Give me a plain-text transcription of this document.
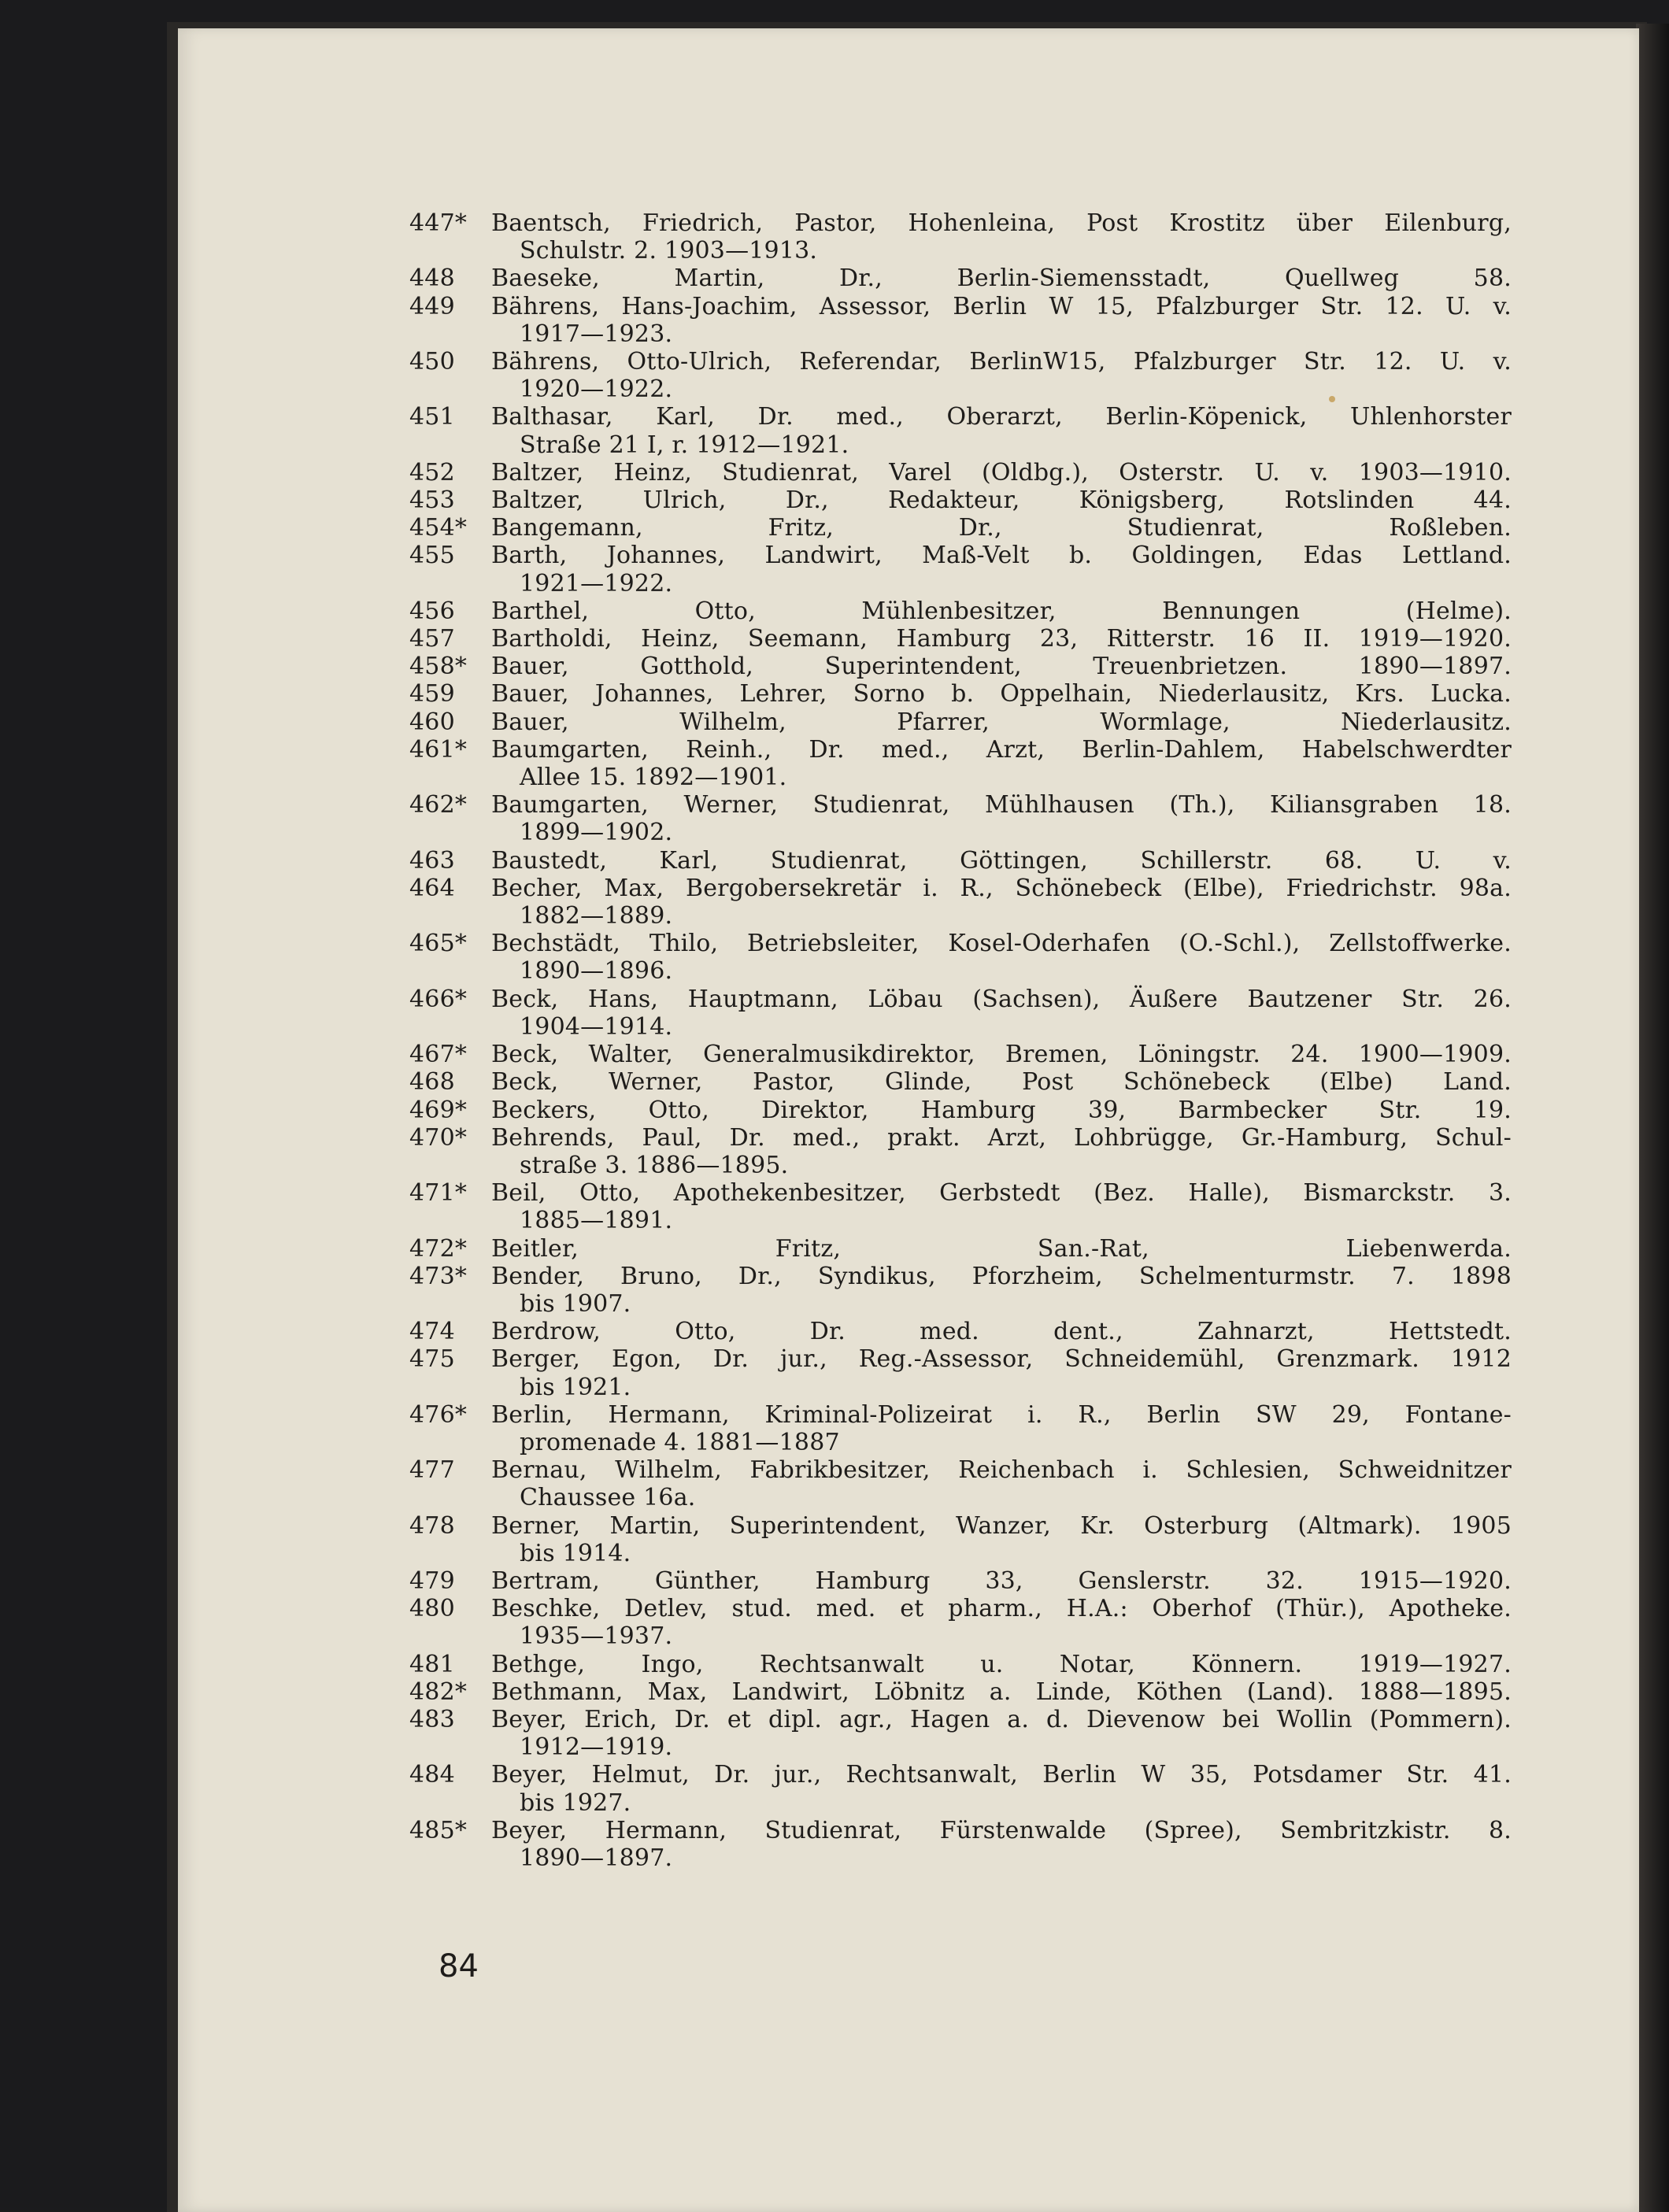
447*	Baentsch, Friedrich, Pastor, Hohenleina, Post Krostitz über Eilenburg,
Schulstr. 2. 1903—1913.
448	Baeseke, Martin, Dr., Berlin-Siemensstadt, Quellweg 58.
449	Bährens, Hans-Joachim, Assessor, Berlin W 15, Pfalzburger Str. 12. U. v.
1917—1923.
450	Bährens, Otto-Ulrich, Referendar, BerlinW15, Pfalzburger Str. 12. U. v.
1920—1922.
451	Balthasar, Karl, Dr. med., Oberarzt, Berlin-Köpenick, Uhlenhorster
Straße 21 I, r. 1912—1921.
452	Baltzer, Heinz, Studienrat, Varel (Oldbg.), Osterstr. U. v. 1903—1910.
453	Baltzer, Ulrich, Dr., Redakteur, Königsberg, Rotslinden 44.
454*	Bangemann, Fritz, Dr., Studienrat, Roßleben.
455	Barth, Johannes, Landwirt, Maß-Velt b. Goldingen, Edas Lettland.
1921—1922.
456	Barthel, Otto, Mühlenbesitzer, Bennungen (Helme).
457	Bartholdi, Heinz, Seemann, Hamburg 23, Ritterstr. 16 II. 1919—1920.
458*	Bauer, Gotthold, Superintendent, Treuenbrietzen. 1890—1897.
459	Bauer, Johannes, Lehrer, Sorno b. Oppelhain, Niederlausitz, Krs. Lucka.
460	Bauer, Wilhelm, Pfarrer, Wormlage, Niederlausitz.
461*	Baumgarten, Reinh., Dr. med., Arzt, Berlin-Dahlem, Habelschwerdter
Allee 15. 1892—1901.
462*	Baumgarten, Werner, Studienrat, Mühlhausen (Th.), Kiliansgraben 18.
1899—1902.
463	Baustedt, Karl, Studienrat, Göttingen, Schillerstr. 68. U. v.
464	Becher, Max, Bergobersekretär i. R., Schönebeck (Elbe), Friedrichstr. 98a.
1882—1889.
465*	Bechstädt, Thilo, Betriebsleiter, Kosel-Oderhafen (O.-Schl.), Zellstoffwerke.
1890—1896.
466*	Beck, Hans, Hauptmann, Löbau (Sachsen), Äußere Bautzener Str. 26.
1904—1914.
467*	Beck, Walter, Generalmusikdirektor, Bremen, Löningstr. 24. 1900—1909.
468	Beck, Werner, Pastor, Glinde, Post Schönebeck (Elbe) Land.
469*	Beckers, Otto, Direktor, Hamburg 39, Barmbecker Str. 19.
470*	Behrends, Paul, Dr. med., prakt. Arzt, Lohbrügge, Gr.-Hamburg, Schul-
straße 3. 1886—1895.
471*	Beil, Otto, Apothekenbesitzer, Gerbstedt (Bez. Halle), Bismarckstr. 3.
1885—1891.
472*	Beitler, Fritz, San.-Rat, Liebenwerda.
473*	Bender, Bruno, Dr., Syndikus, Pforzheim, Schelmenturmstr. 7. 1898
bis 1907.
474	Berdrow, Otto, Dr. med. dent., Zahnarzt, Hettstedt.
475	Berger, Egon, Dr. jur., Reg.-Assessor, Schneidemühl, Grenzmark. 1912
bis 1921.
476*	Berlin, Hermann, Kriminal-Polizeirat i. R., Berlin SW 29, Fontane-
promenade 4. 1881—1887
477	Bernau, Wilhelm, Fabrikbesitzer, Reichenbach i. Schlesien, Schweidnitzer
Chaussee 16a.
478	Berner, Martin, Superintendent, Wanzer, Kr. Osterburg (Altmark). 1905
bis 1914.
479	Bertram, Günther, Hamburg 33, Genslerstr. 32. 1915—1920.
480	Beschke, Detlev, stud. med. et pharm., H.A.: Oberhof (Thür.), Apotheke.
1935—1937.
481	Bethge, Ingo, Rechtsanwalt u. Notar, Könnern. 1919—1927.
482*	Bethmann, Max, Landwirt, Löbnitz a. Linde, Köthen (Land). 1888—1895.
483	Beyer, Erich, Dr. et dipl. agr., Hagen a. d. Dievenow bei Wollin (Pommern).
1912—1919.
484	Beyer, Helmut, Dr. jur., Rechtsanwalt, Berlin W 35, Potsdamer Str. 41.
bis 1927.
485*	Beyer, Hermann, Studienrat, Fürstenwalde (Spree), Sembritzkistr. 8.
1890—1897.
84
